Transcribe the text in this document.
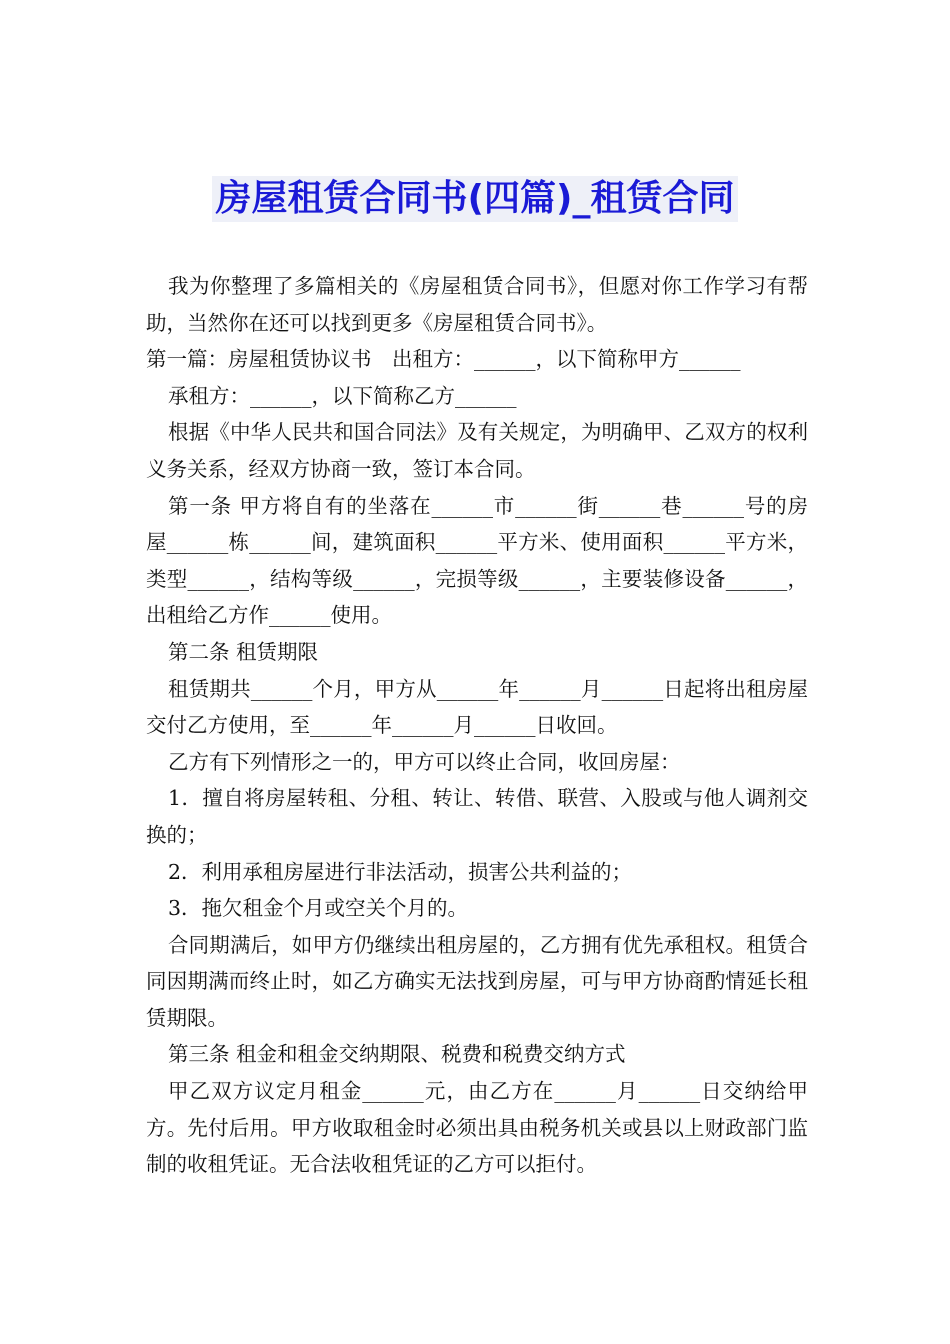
房屋租赁合同书(四篇)_租赁合同

我为你整理了多篇相关的《房屋租赁合同书》，但愿对你工作学习有帮助，当然你在还可以找到更多《房屋租赁合同书》。

第一篇：房屋租赁协议书　出租方：______，以下简称甲方______

承租方：______，以下简称乙方______

根据《中华人民共和国合同法》及有关规定，为明确甲、乙双方的权利义务关系，经双方协商一致，签订本合同。

第一条 甲方将自有的坐落在______市______街______巷______号的房屋______栋______间，建筑面积______平方米、使用面积______平方米，类型______，结构等级______，完损等级______，主要装修设备______，出租给乙方作______使用。

第二条 租赁期限

租赁期共______个月，甲方从______年______月______日起将出租房屋交付乙方使用，至______年______月______日收回。

乙方有下列情形之一的，甲方可以终止合同，收回房屋：

1．擅自将房屋转租、分租、转让、转借、联营、入股或与他人调剂交换的；

2．利用承租房屋进行非法活动，损害公共利益的；

3．拖欠租金个月或空关个月的。

合同期满后，如甲方仍继续出租房屋的，乙方拥有优先承租权。租赁合同因期满而终止时，如乙方确实无法找到房屋，可与甲方协商酌情延长租赁期限。

第三条 租金和租金交纳期限、税费和税费交纳方式

甲乙双方议定月租金______元，由乙方在______月______日交纳给甲方。先付后用。甲方收取租金时必须出具由税务机关或县以上财政部门监制的收租凭证。无合法收租凭证的乙方可以拒付。
